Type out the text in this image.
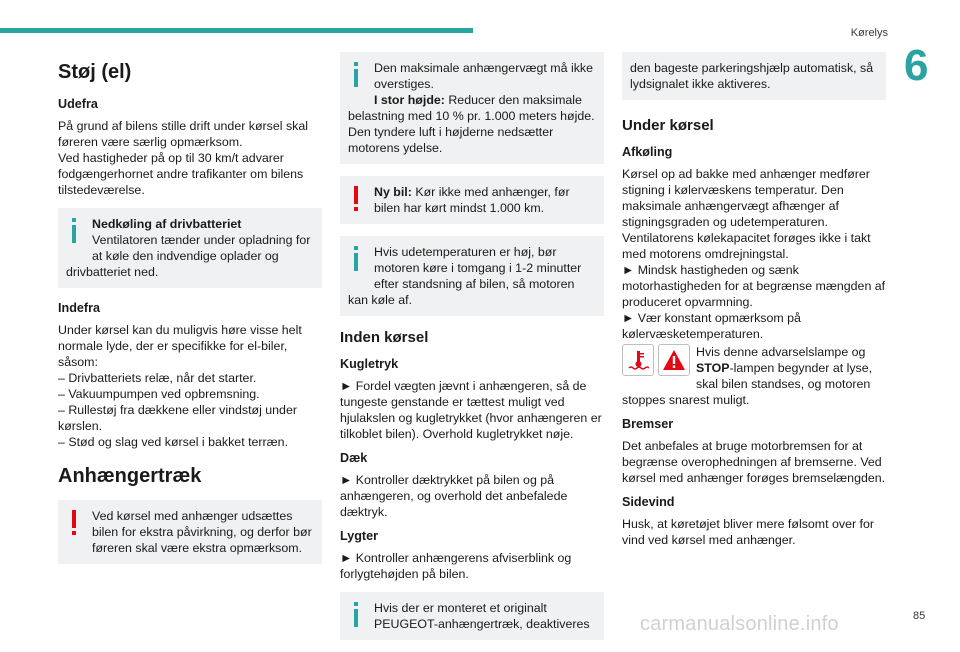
Kørelys
6
Støj (el)
Udefra

På grund af bilens stille drift under kørsel skal føreren være særlig opmærksom.
Ved hastigheder på op til 30 km/t advarer fodgængerhornet andre trafikanter om bilens tilstedeværelse.

Nedkøling af drivbatteriet
Ventilatoren tænder under opladning for at køle den indvendige oplader og drivbatteriet ned.
Indefra

Under kørsel kan du muligvis høre visse helt normale lyde, der er specifikke for el-biler, såsom:
– Drivbatteriets relæ, når det starter.
– Vakuumpumpen ved opbremsning.
– Rullestøj fra dækkene eller vindstøj under kørslen.
– Stød og slag ved kørsel i bakket terræn.

Anhængertræk
Ved kørsel med anhænger udsættes bilen for ekstra påvirkning, og derfor bør føreren skal være ekstra opmærksom.
Den maksimale anhængervægt må ikke overstiges.
I stor højde: Reducer den maksimale belastning med 10 % pr. 1.000 meters højde. Den tyndere luft i højderne nedsætter motorens ydelse.
Ny bil: Kør ikke med anhænger, før bilen har kørt mindst 1.000 km.
Hvis udetemperaturen er høj, bør motoren køre i tomgang i 1-2 minutter efter standsning af bilen, så motoren kan køle af.
Inden kørsel
Kugletryk

► Fordel vægten jævnt i anhængeren, så de tungeste genstande er tættest muligt ved hjulakslen og kugletrykket (hvor anhængeren er tilkoblet bilen). Overhold kugletrykket nøje.

Dæk

► Kontroller dæktrykket på bilen og på anhængeren, og overhold det anbefalede dæktryk.

Lygter

► Kontroller anhængerens afviserblink og forlygtehøjden på bilen.

Hvis der er monteret et originalt PEUGEOT-anhængertræk, deaktiveres
den bageste parkeringshjælp automatisk, så lydsignalet ikke aktiveres.
Under kørsel
Afkøling

Kørsel op ad bakke med anhænger medfører stigning i kølervæskens temperatur. Den maksimale anhængervægt afhænger af stigningsgraden og udetemperaturen.
Ventilatorens kølekapacitet forøges ikke i takt med motorens omdrejningstal.
► Mindsk hastigheden og sænk motorhastigheden for at begrænse mængden af produceret opvarmning.
► Vær konstant opmærksom på kølervæsketemperaturen.

Hvis denne advarselslampe og STOP-lampen begynder at lyse, skal bilen standses, og motoren stoppes snarest muligt.

Bremser

Det anbefales at bruge motorbremsen for at begrænse overophedningen af bremserne. Ved kørsel med anhænger forøges bremselængden.

Sidevind

Husk, at køretøjet bliver mere følsomt over for vind ved kørsel med anhænger.

carmanualsonline.info	85
